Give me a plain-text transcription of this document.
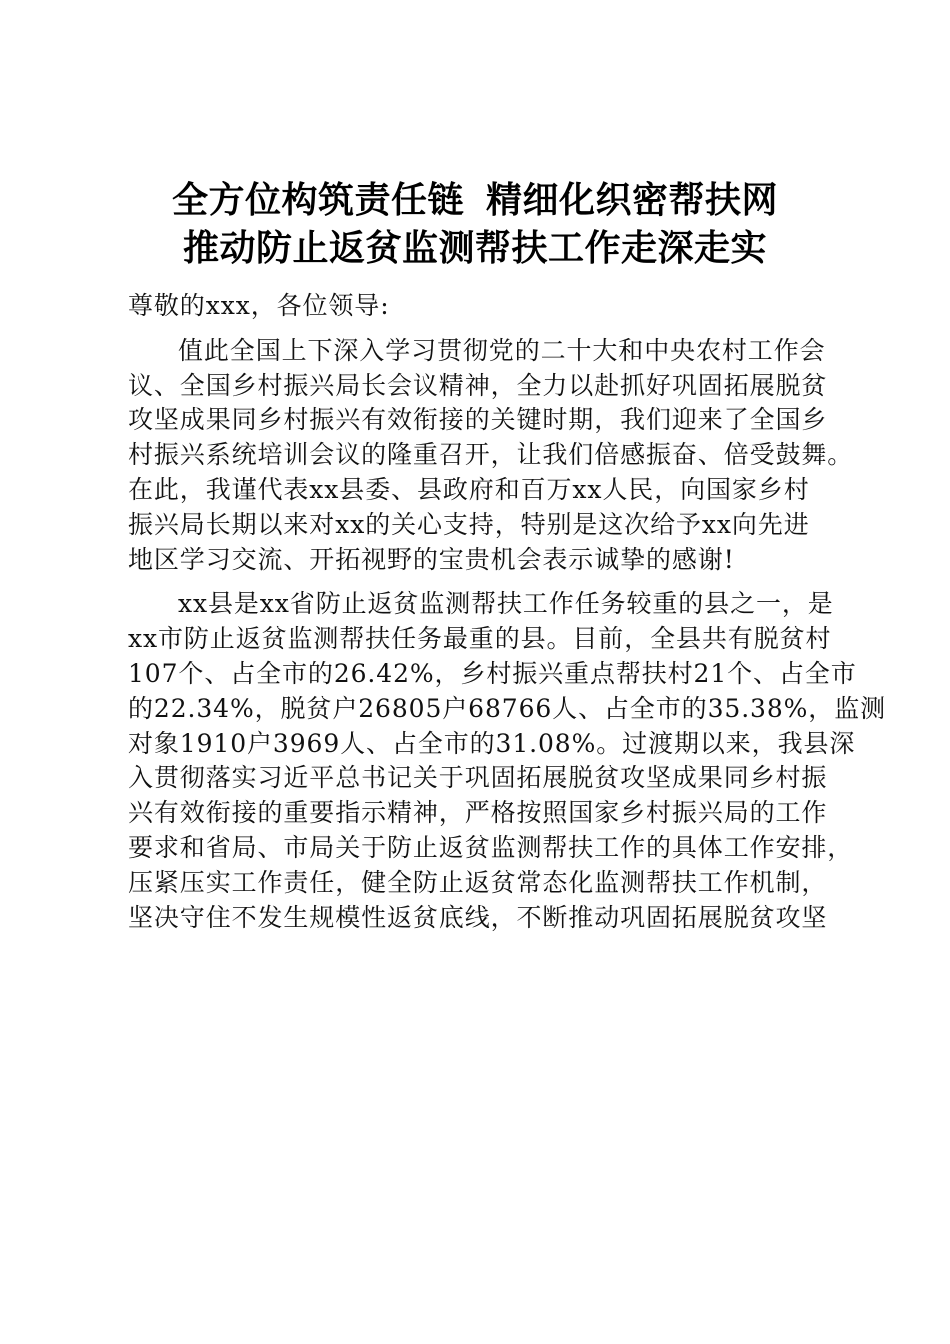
全方位构筑责任链 精细化织密帮扶网
推动防止返贫监测帮扶工作走深走实
尊敬的xxx，各位领导:
值此全国上下深入学习贯彻党的二十大和中央农村工作会
议、全国乡村振兴局长会议精神，全力以赴抓好巩固拓展脱贫
攻坚成果同乡村振兴有效衔接的关键时期，我们迎来了全国乡
村振兴系统培训会议的隆重召开，让我们倍感振奋、倍受鼓舞。
在此，我谨代表xx县委、县政府和百万xx人民，向国家乡村
振兴局长期以来对xx的关心支持，特别是这次给予xx向先进
地区学习交流、开拓视野的宝贵机会表示诚挚的感谢!
xx县是xx省防止返贫监测帮扶工作任务较重的县之一，是
xx市防止返贫监测帮扶任务最重的县。目前，全县共有脱贫村
107个、占全市的26.42%，乡村振兴重点帮扶村21个、占全市
的22.34%，脱贫户26805户68766人、占全市的35.38%，监测
对象1910户3969人、占全市的31.08%。过渡期以来，我县深
入贯彻落实习近平总书记关于巩固拓展脱贫攻坚成果同乡村振
兴有效衔接的重要指示精神，严格按照国家乡村振兴局的工作
要求和省局、市局关于防止返贫监测帮扶工作的具体工作安排，
压紧压实工作责任，健全防止返贫常态化监测帮扶工作机制，
坚决守住不发生规模性返贫底线，不断推动巩固拓展脱贫攻坚
